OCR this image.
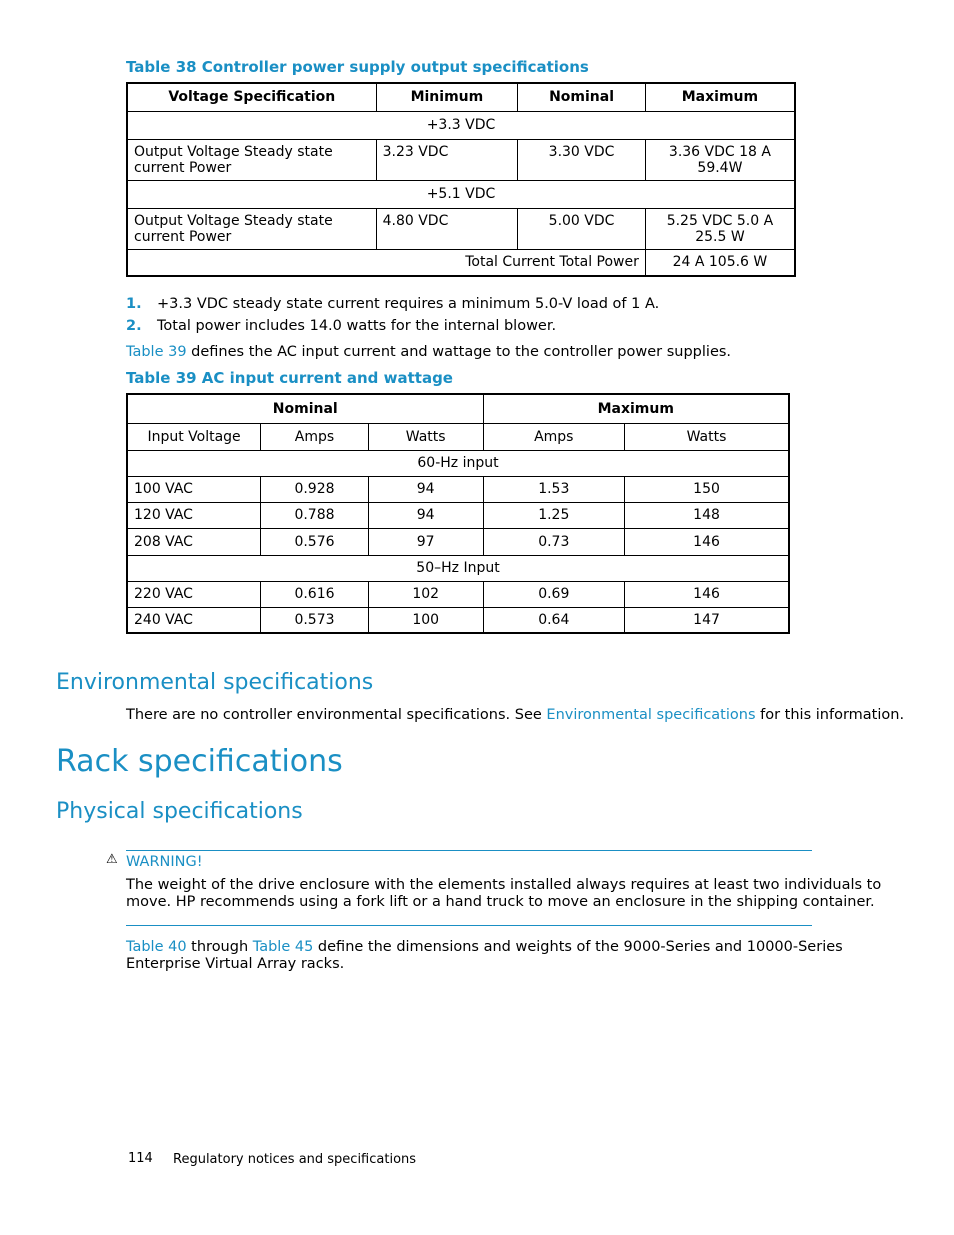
Table 38 Controller power supply output specifications
Voltage Specification	Minimum	Nominal	Maximum
+3.3 VDC			
Output Voltage Steady state current Power	3.23 VDC	3.30 VDC	3.36 VDC 18 A 59.4W
+5.1 VDC			
Output Voltage Steady state current Power	4.80 VDC	5.00 VDC	5.25 VDC 5.0 A 25.5 W
Total Current Total Power			24 A 105.6 W
1. +3.3 VDC steady state current requires a minimum 5.0-V load of 1 A.
2. Total power includes 14.0 watts for the internal blower.
Table 39 defines the AC input current and wattage to the controller power supplies.
Table 39 AC input current and wattage
Nominal			Maximum	
Input Voltage	Amps	Watts	Amps	Watts
60-Hz input				
100 VAC	0.928	94	1.53	150
120 VAC	0.788	94	1.25	148
208 VAC	0.576	97	0.73	146
50–Hz Input				
220 VAC	0.616	102	0.69	146
240 VAC	0.573	100	0.64	147
Environmental specifications
There are no controller environmental specifications. See Environmental specifications for this information.
Rack specifications
Physical specifications
⚠ WARNING!
The weight of the drive enclosure with the elements installed always requires at least two individuals to
move. HP recommends using a fork lift or a hand truck to move an enclosure in the shipping container.
Table 40 through Table 45 define the dimensions and weights of the 9000-Series and 10000-Series
Enterprise Virtual Array racks.
114 Regulatory notices and specifications
